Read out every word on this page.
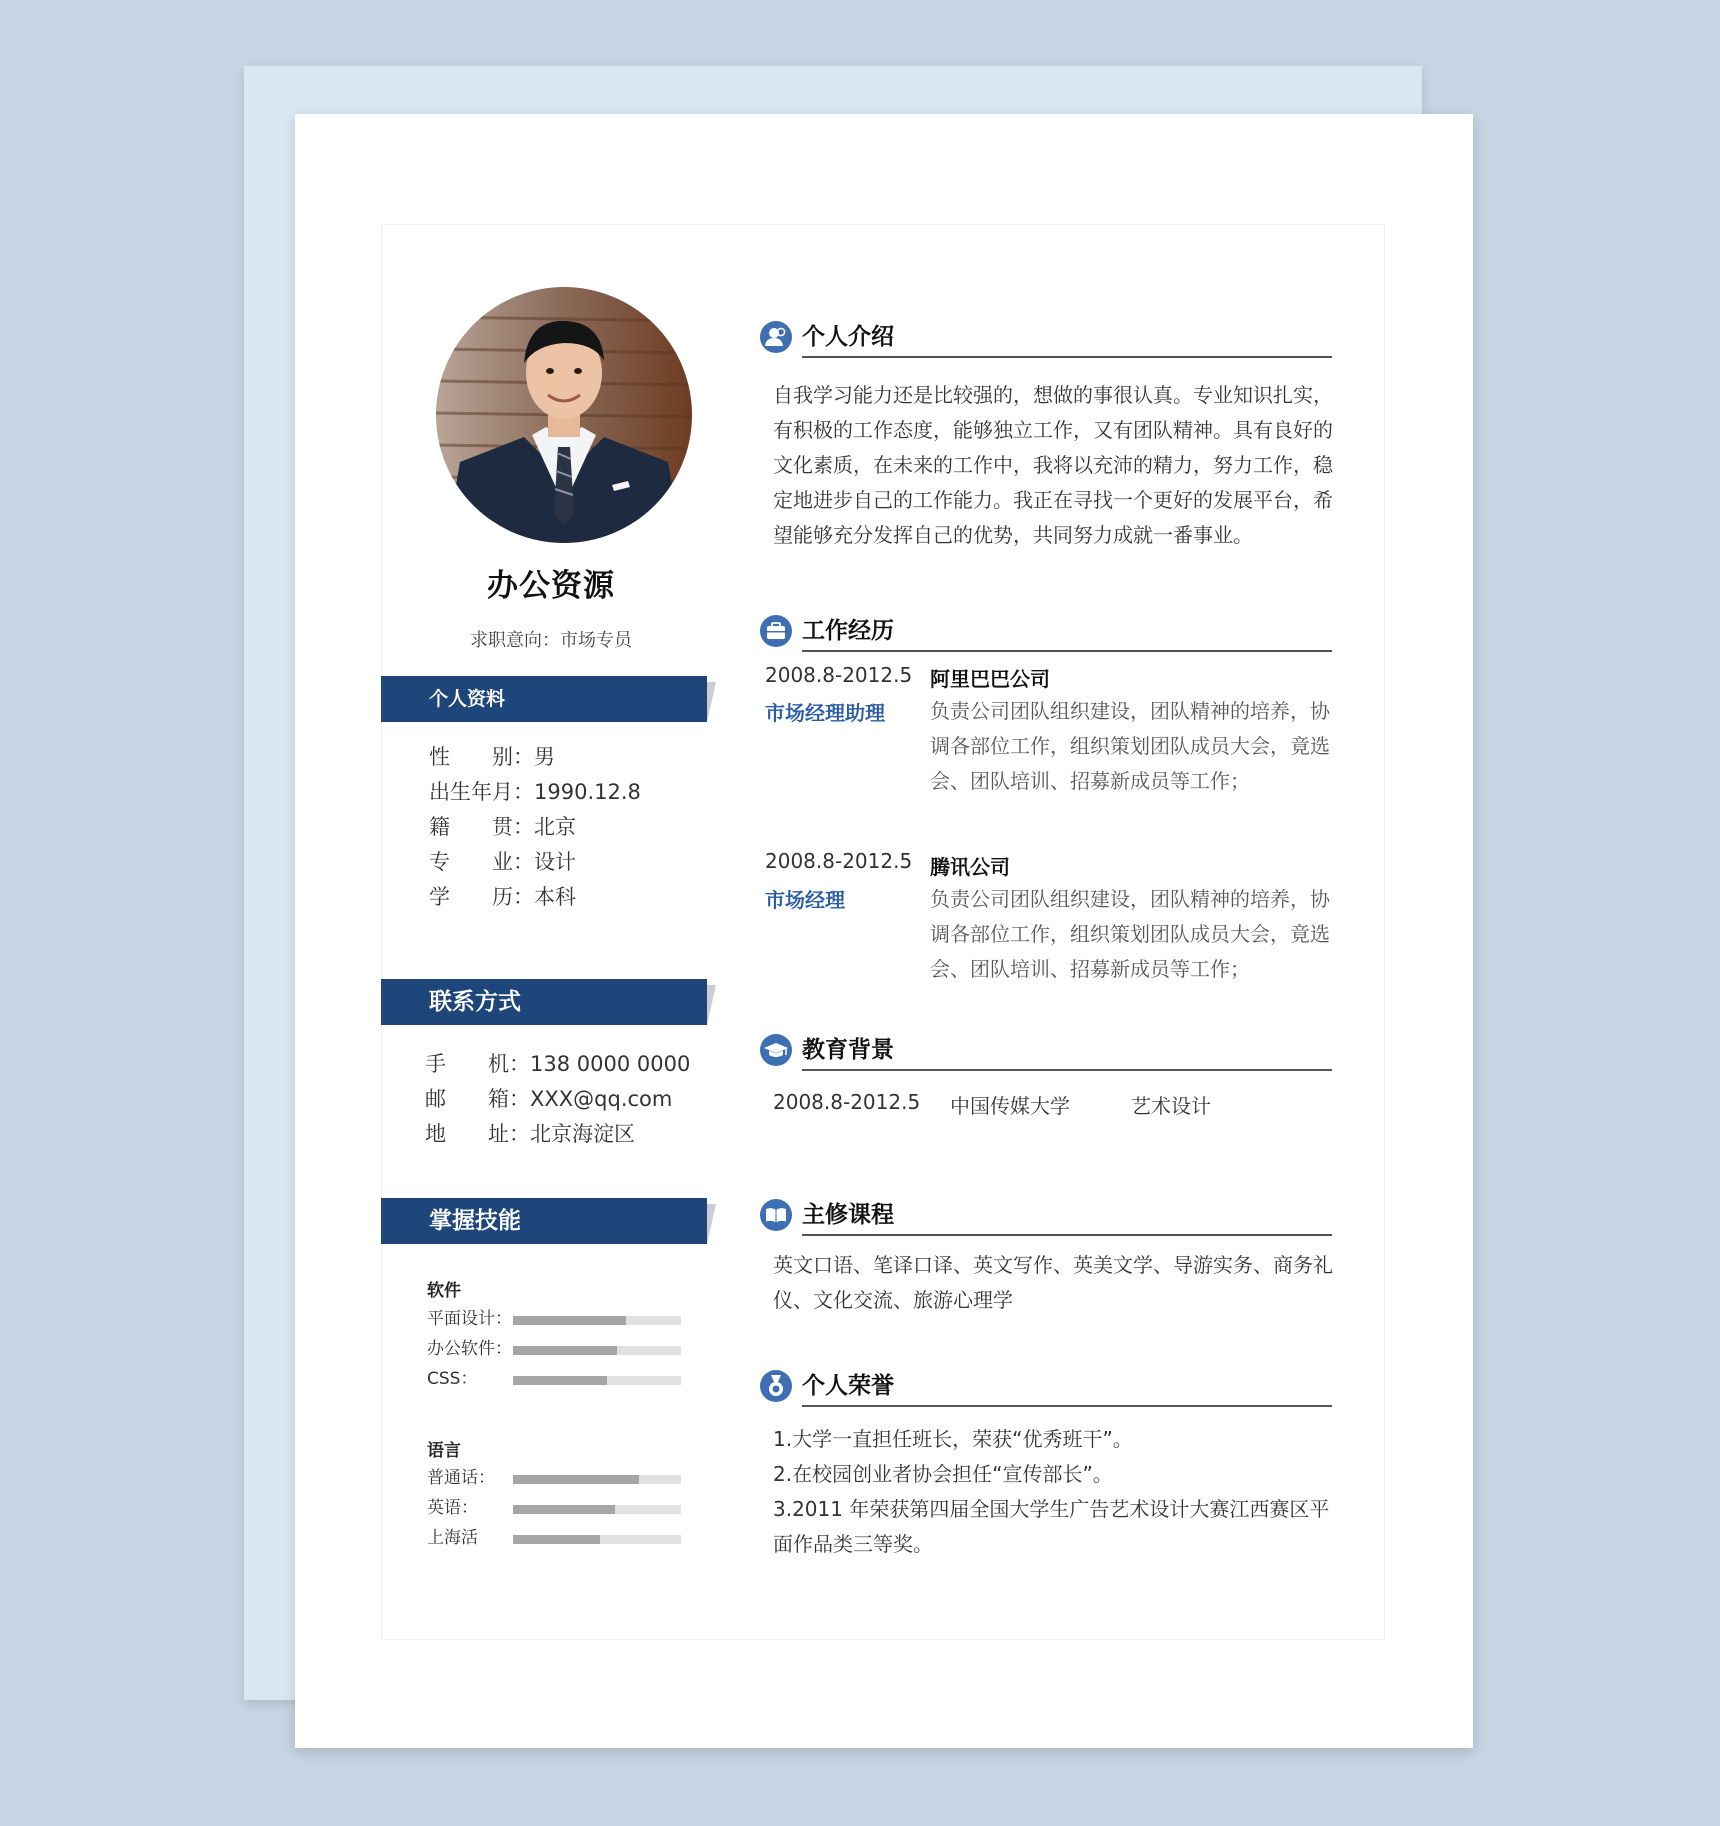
办公资源
求职意向：市场专员
个人资料
性别 ： 男
出生年月 ： 1990.12.8
籍贯 ： 北京
专业 ： 设计
学历 ： 本科
联系方式
手机 ： 138 0000 0000
邮箱 ： XXX@qq.com
地址 ： 北京海淀区
掌握技能
软件
平面设计：
办公软件：
CSS：
语言
普通话：
英语：
上海活
个人介绍
自我学习能力还是比较强的，想做的事很认真。专业知识扎实，
有积极的工作态度，能够独立工作，又有团队精神。具有良好的
文化素质，在未来的工作中，我将以充沛的精力，努力工作，稳
定地进步自己的工作能力。我正在寻找一个更好的发展平台，希
望能够充分发挥自己的优势，共同努力成就一番事业。
工作经历
2008.8-2012.5 阿里巴巴公司
市场经理助理 负责公司团队组织建设，团队精神的培养，协
调各部位工作，组织策划团队成员大会，竟选
会、团队培训、招募新成员等工作；
2008.8-2012.5 腾讯公司
市场经理	负责公司团队组织建设，团队精神的培养，协
调各部位工作，组织策划团队成员大会，竟选
会、团队培训、招募新成员等工作；
教育背景
2008.8-2012.5 中国传媒大学	艺术设计
主修课程
英文口语、笔译口译、英文写作、英美文学、导游实务、商务礼
仪、文化交流、旅游心理学
个人荣誉
1.大学一直担任班长，荣获“优秀班干”。
2.在校园创业者协会担任“宣传部长”。
3.2011 年荣获第四届全国大学生广告艺术设计大赛江西赛区平
面作品类三等奖。
